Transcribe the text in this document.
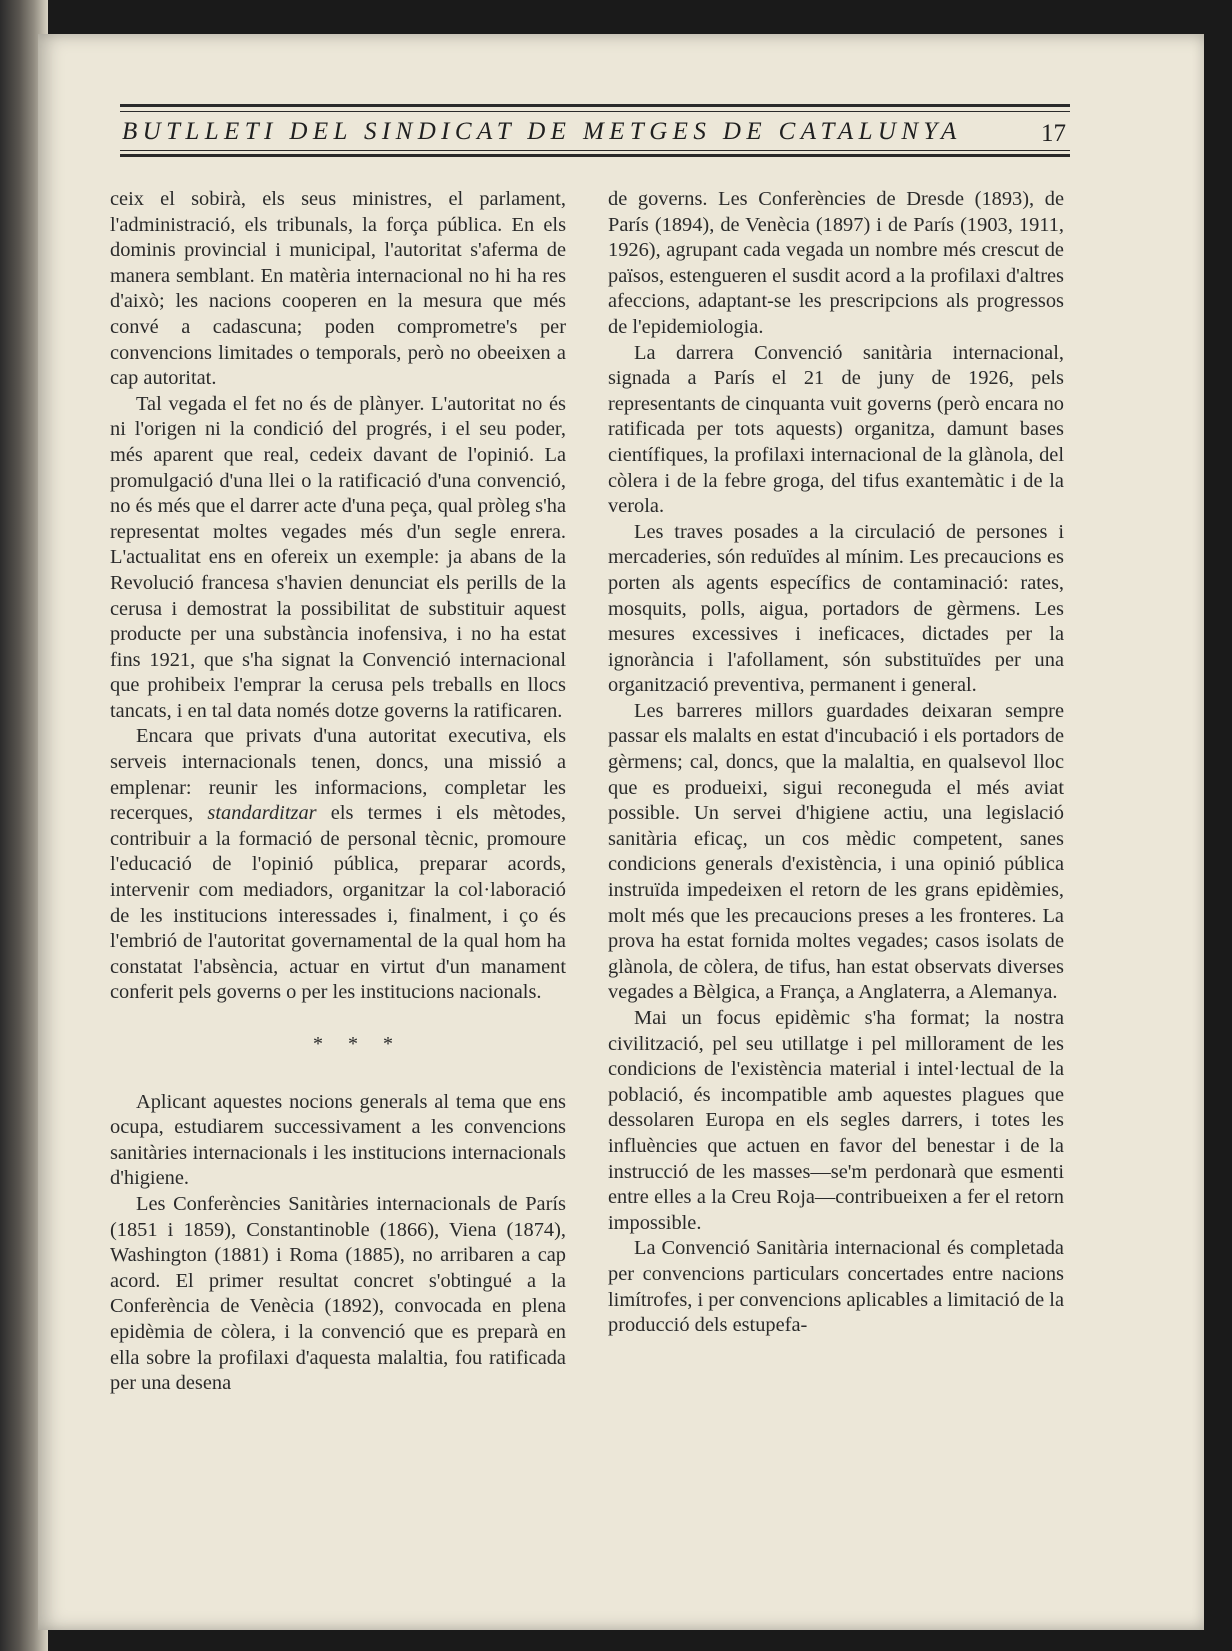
BUTLLETI DEL SINDICAT DE METGES DE CATALUNYA	17

ceix el sobirà, els seus ministres, el parlament, l'administració, els tribunals, la força pública. En els dominis provincial i municipal, l'autoritat s'aferma de manera semblant. En matèria internacional no hi ha res d'això; les nacions cooperen en la mesura que més convé a cadascuna; poden comprometre's per convencions limitades o temporals, però no obeeixen a cap autoritat.

Tal vegada el fet no és de plànyer. L'autoritat no és ni l'origen ni la condició del progrés, i el seu poder, més aparent que real, cedeix davant de l'opinió. La promulgació d'una llei o la ratificació d'una convenció, no és més que el darrer acte d'una peça, qual pròleg s'ha representat moltes vegades més d'un segle enrera. L'actualitat ens en ofereix un exemple: ja abans de la Revolució francesa s'havien denunciat els perills de la cerusa i demostrat la possibilitat de substituir aquest producte per una substància inofensiva, i no ha estat fins 1921, que s'ha signat la Convenció internacional que prohibeix l'emprar la cerusa pels treballs en llocs tancats, i en tal data només dotze governs la ratificaren.

Encara que privats d'una autoritat executiva, els serveis internacionals tenen, doncs, una missió a emplenar: reunir les informacions, completar les recerques, standarditzar els termes i els mètodes, contribuir a la formació de personal tècnic, promoure l'educació de l'opinió pública, preparar acords, intervenir com mediadors, organitzar la col·laboració de les institucions interessades i, finalment, i ço és l'embrió de l'autoritat governamental de la qual hom ha constatat l'absència, actuar en virtut d'un manament conferit pels governs o per les institucions nacionals.

* * *

Aplicant aquestes nocions generals al tema que ens ocupa, estudiarem successivament a les convencions sanitàries internacionals i les institucions internacionals d'higiene.

Les Conferències Sanitàries internacionals de París (1851 i 1859), Constantinoble (1866), Viena (1874), Washington (1881) i Roma (1885), no arribaren a cap acord. El primer resultat concret s'obtingué a la Conferència de Venècia (1892), convocada en plena epidèmia de còlera, i la convenció que es preparà en ella sobre la profilaxi d'aquesta malaltia, fou ratificada per una desena

de governs. Les Conferències de Dresde (1893), de París (1894), de Venècia (1897) i de París (1903, 1911, 1926), agrupant cada vegada un nombre més crescut de països, estengueren el susdit acord a la profilaxi d'altres afeccions, adaptant-se les prescripcions als progressos de l'epidemiologia.

La darrera Convenció sanitària internacional, signada a París el 21 de juny de 1926, pels representants de cinquanta vuit governs (però encara no ratificada per tots aquests) organitza, damunt bases científiques, la profilaxi internacional de la glànola, del còlera i de la febre groga, del tifus exantemàtic i de la verola.

Les traves posades a la circulació de persones i mercaderies, són reduïdes al mínim. Les precaucions es porten als agents específics de contaminació: rates, mosquits, polls, aigua, portadors de gèrmens. Les mesures excessives i ineficaces, dictades per la ignorància i l'afollament, són substituïdes per una organització preventiva, permanent i general.

Les barreres millors guardades deixaran sempre passar els malalts en estat d'incubació i els portadors de gèrmens; cal, doncs, que la malaltia, en qualsevol lloc que es produeixi, sigui reconeguda el més aviat possible. Un servei d'higiene actiu, una legislació sanitària eficaç, un cos mèdic competent, sanes condicions generals d'existència, i una opinió pública instruïda impedeixen el retorn de les grans epidèmies, molt més que les precaucions preses a les fronteres. La prova ha estat fornida moltes vegades; casos isolats de glànola, de còlera, de tifus, han estat observats diverses vegades a Bèlgica, a França, a Anglaterra, a Alemanya.

Mai un focus epidèmic s'ha format; la nostra civilització, pel seu utillatge i pel millorament de les condicions de l'existència material i intel·lectual de la població, és incompatible amb aquestes plagues que dessolaren Europa en els segles darrers, i totes les influències que actuen en favor del benestar i de la instrucció de les masses—se'm perdonarà que esmenti entre elles a la Creu Roja—contribueixen a fer el retorn impossible.

La Convenció Sanitària internacional és completada per convencions particulars concertades entre nacions limítrofes, i per convencions aplicables a limitació de la producció dels estupefa-
